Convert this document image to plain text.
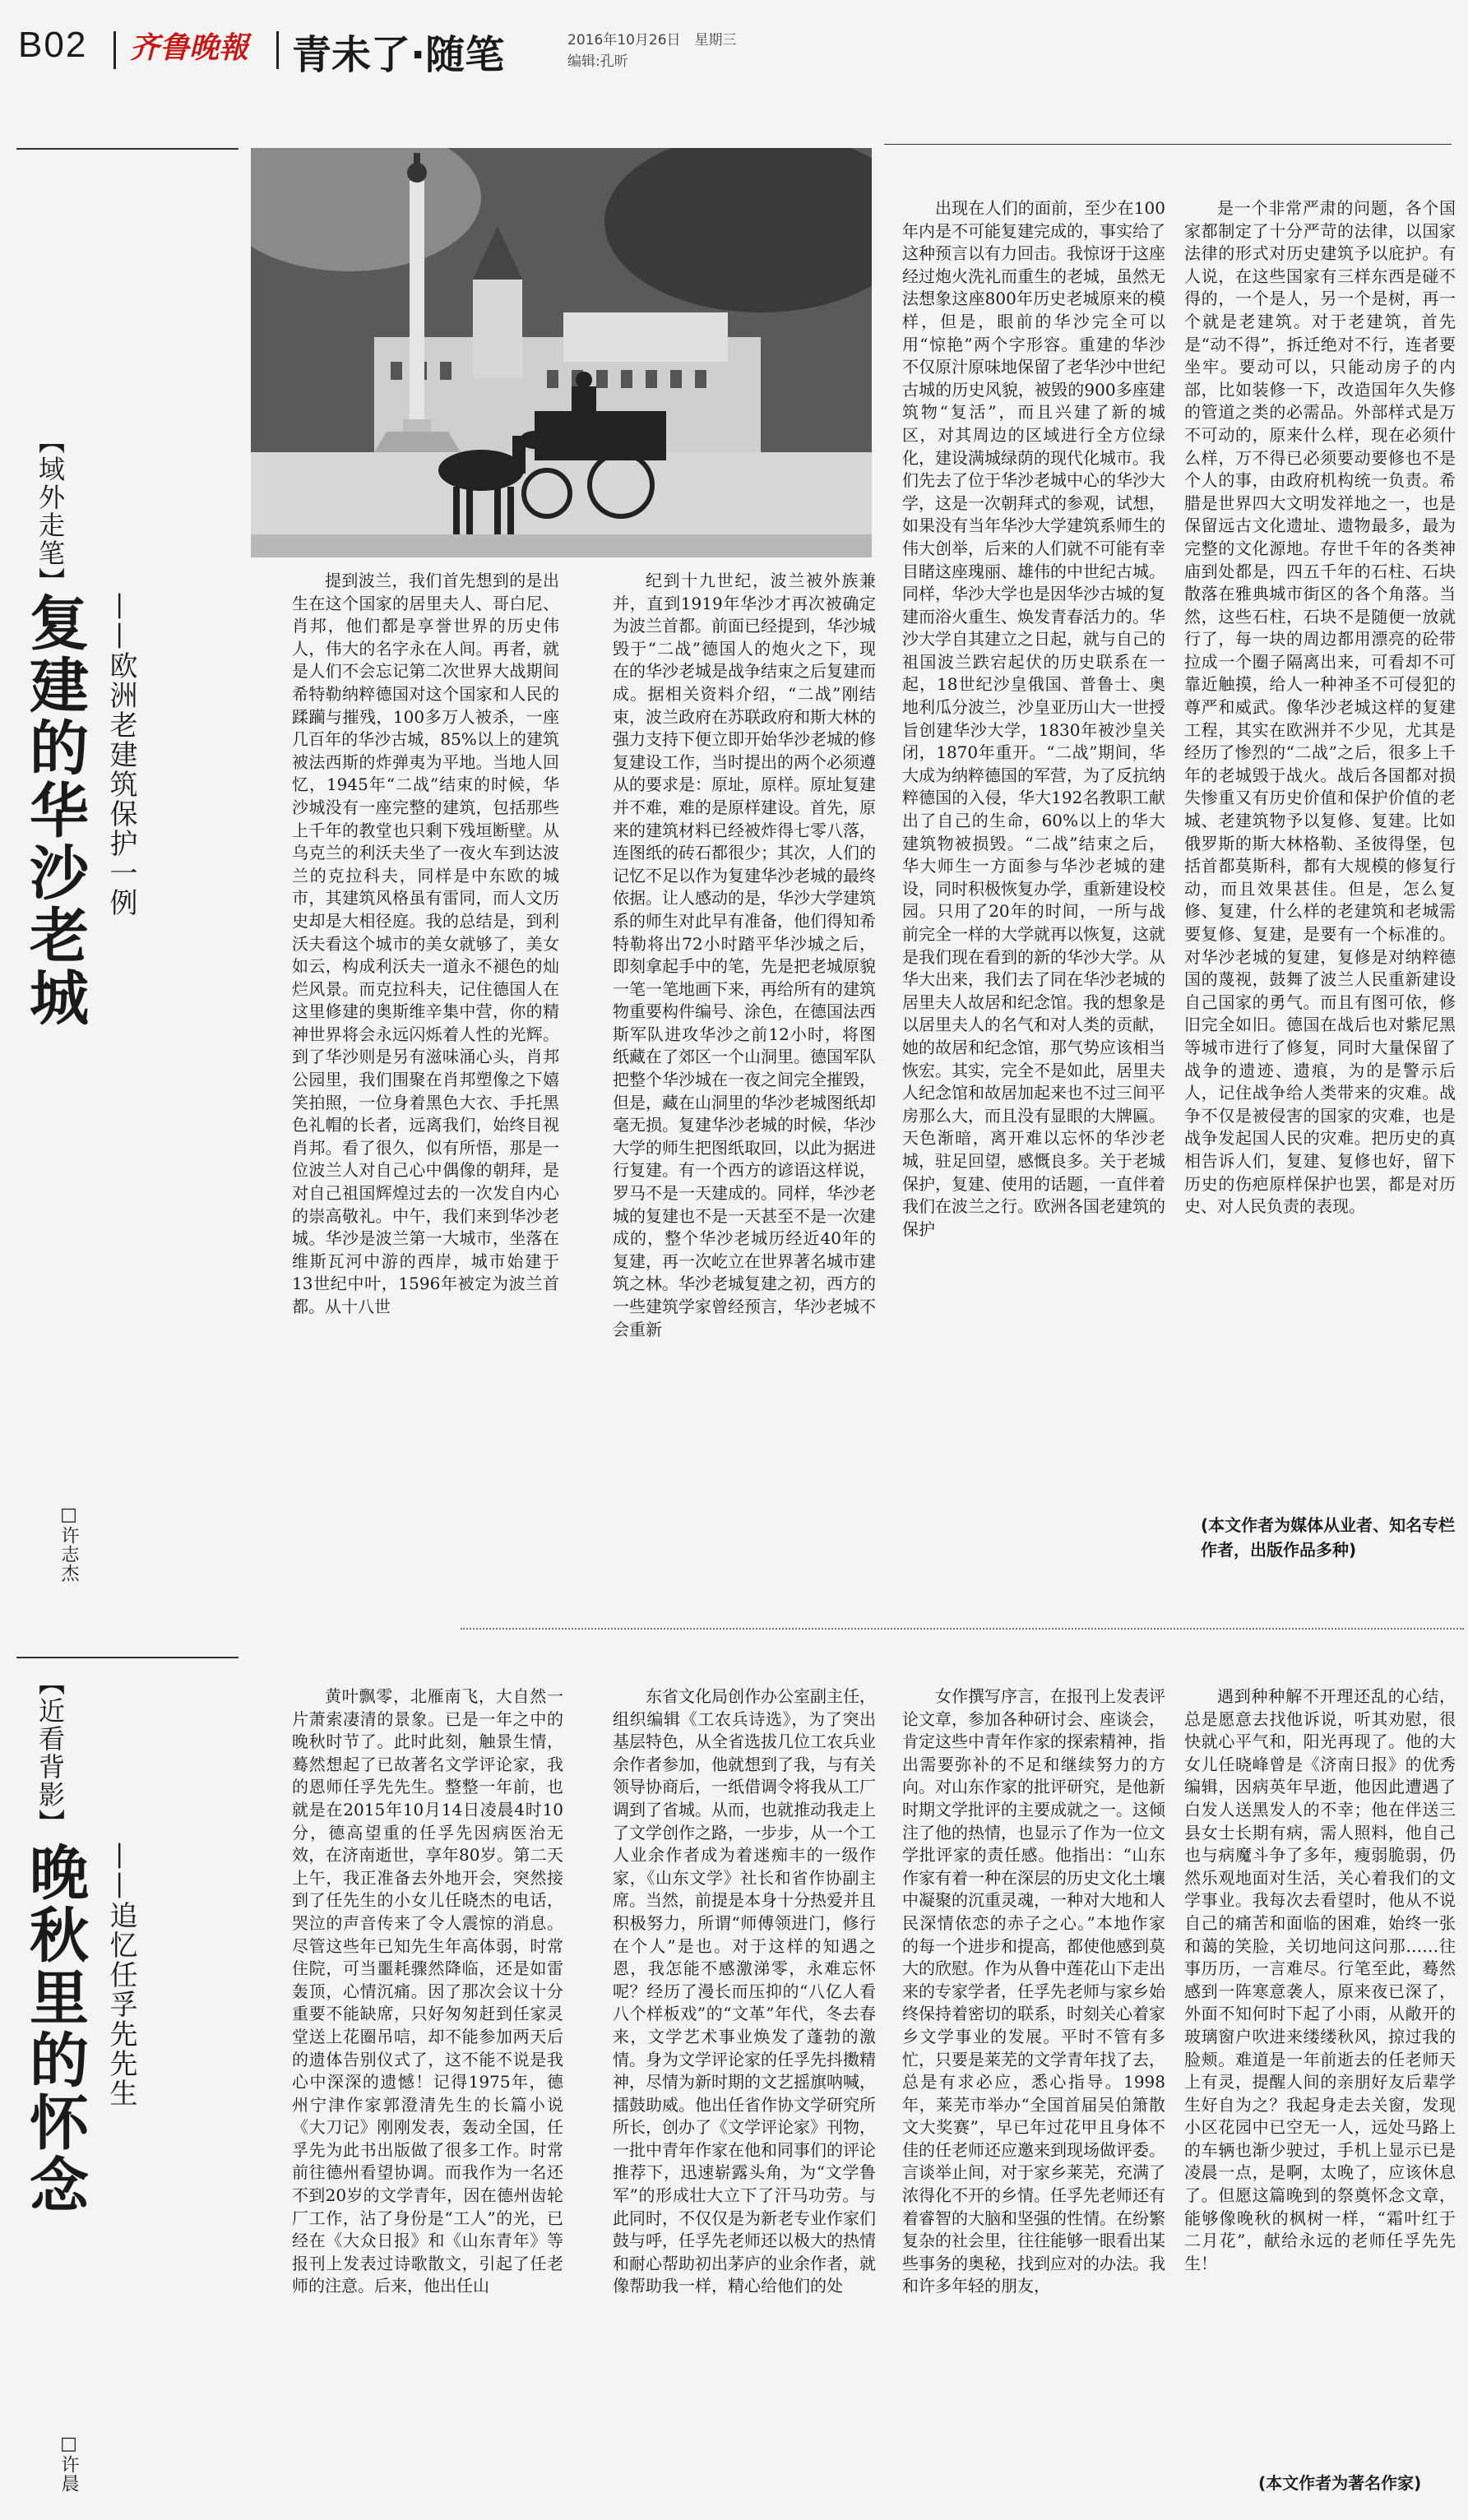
B02 齐鲁晚報 青未了·随笔	2016年10月26日　星期三
编辑:孔昕
【域外走笔】
复建的华沙老城 ——欧洲老建筑保护一例
□许志杰

提到波兰，我们首先想到的是出生在这个国家的居里夫人、哥白尼、肖邦，他们都是享誉世界的历史伟人，伟大的名字永在人间。再者，就是人们不会忘记第二次世界大战期间希特勒纳粹德国对这个国家和人民的蹂躏与摧残，100多万人被杀，一座几百年的华沙古城，85%以上的建筑被法西斯的炸弹夷为平地。当地人回忆，1945年“二战”结束的时候，华沙城没有一座完整的建筑，包括那些上千年的教堂也只剩下残垣断壁。从乌克兰的利沃夫坐了一夜火车到达波兰的克拉科夫，同样是中东欧的城市，其建筑风格虽有雷同，而人文历史却是大相径庭。我的总结是，到利沃夫看这个城市的美女就够了，美女如云，构成利沃夫一道永不褪色的灿烂风景。而克拉科夫，记住德国人在这里修建的奥斯维辛集中营，你的精神世界将会永远闪烁着人性的光辉。到了华沙则是另有滋味涌心头，肖邦公园里，我们围聚在肖邦塑像之下嬉笑拍照，一位身着黑色大衣、手托黑色礼帽的长者，远离我们，始终目视肖邦。看了很久，似有所悟，那是一位波兰人对自己心中偶像的朝拜，是对自己祖国辉煌过去的一次发自内心的崇高敬礼。中午，我们来到华沙老城。华沙是波兰第一大城市，坐落在维斯瓦河中游的西岸，城市始建于13世纪中叶，1596年被定为波兰首都。从十八世

纪到十九世纪，波兰被外族兼并，直到1919年华沙才再次被确定为波兰首都。前面已经提到，华沙城毁于“二战”德国人的炮火之下，现在的华沙老城是战争结束之后复建而成。据相关资料介绍，“二战”刚结束，波兰政府在苏联政府和斯大林的强力支持下便立即开始华沙老城的修复建设工作，当时提出的两个必须遵从的要求是：原址，原样。原址复建并不难，难的是原样建设。首先，原来的建筑材料已经被炸得七零八落，连图纸的砖石都很少；其次，人们的记忆不足以作为复建华沙老城的最终依据。让人感动的是，华沙大学建筑系的师生对此早有准备，他们得知希特勒将出72小时踏平华沙城之后，即刻拿起手中的笔，先是把老城原貌一笔一笔地画下来，再给所有的建筑物重要构件编号、涂色，在德国法西斯军队进攻华沙之前12小时，将图纸藏在了郊区一个山洞里。德国军队把整个华沙城在一夜之间完全摧毁，但是，藏在山洞里的华沙老城图纸却毫无损。复建华沙老城的时候，华沙大学的师生把图纸取回，以此为据进行复建。有一个西方的谚语这样说，罗马不是一天建成的。同样，华沙老城的复建也不是一天甚至不是一次建成的，整个华沙老城历经近40年的复建，再一次屹立在世界著名城市建筑之林。华沙老城复建之初，西方的一些建筑学家曾经预言，华沙老城不会重新

出现在人们的面前，至少在100年内是不可能复建完成的，事实给了这种预言以有力回击。我惊讶于这座经过炮火洗礼而重生的老城，虽然无法想象这座800年历史老城原来的模样，但是，眼前的华沙完全可以用“惊艳”两个字形容。重建的华沙不仅原汁原味地保留了老华沙中世纪古城的历史风貌，被毁的900多座建筑物“复活”，而且兴建了新的城区，对其周边的区域进行全方位绿化，建设满城绿荫的现代化城市。我们先去了位于华沙老城中心的华沙大学，这是一次朝拜式的参观，试想，如果没有当年华沙大学建筑系师生的伟大创举，后来的人们就不可能有幸目睹这座瑰丽、雄伟的中世纪古城。同样，华沙大学也是因华沙古城的复建而浴火重生、焕发青春活力的。华沙大学自其建立之日起，就与自己的祖国波兰跌宕起伏的历史联系在一起，18世纪沙皇俄国、普鲁士、奥地利瓜分波兰，沙皇亚历山大一世授旨创建华沙大学，1830年被沙皇关闭，1870年重开。“二战”期间，华大成为纳粹德国的军营，为了反抗纳粹德国的入侵，华大192名教职工献出了自己的生命，60%以上的华大建筑物被损毁。“二战”结束之后，华大师生一方面参与华沙老城的建设，同时积极恢复办学，重新建设校园。只用了20年的时间，一所与战前完全一样的大学就再以恢复，这就是我们现在看到的新的华沙大学。从华大出来，我们去了同在华沙老城的居里夫人故居和纪念馆。我的想象是以居里夫人的名气和对人类的贡献，她的故居和纪念馆，那气势应该相当恢宏。其实，完全不是如此，居里夫人纪念馆和故居加起来也不过三间平房那么大，而且没有显眼的大牌匾。天色渐暗，离开难以忘怀的华沙老城，驻足回望，感慨良多。关于老城保护，复建、使用的话题，一直伴着我们在波兰之行。欧洲各国老建筑的保护

是一个非常严肃的问题，各个国家都制定了十分严苛的法律，以国家法律的形式对历史建筑予以庇护。有人说，在这些国家有三样东西是碰不得的，一个是人，另一个是树，再一个就是老建筑。对于老建筑，首先是“动不得”，拆迁绝对不行，连者要坐牢。要动可以，只能动房子的内部，比如装修一下，改造国年久失修的管道之类的必需品。外部样式是万不可动的，原来什么样，现在必须什么样，万不得已必须要动要修也不是个人的事，由政府机构统一负责。希腊是世界四大文明发祥地之一，也是保留远古文化遗址、遗物最多，最为完整的文化源地。存世千年的各类神庙到处都是，四五千年的石柱、石块散落在雅典城市街区的各个角落。当然，这些石柱，石块不是随便一放就行了，每一块的周边都用漂亮的砼带拉成一个圈子隔离出来，可看却不可靠近触摸，给人一种神圣不可侵犯的尊严和威武。像华沙老城这样的复建工程，其实在欧洲并不少见，尤其是经历了惨烈的“二战”之后，很多上千年的老城毁于战火。战后各国都对损失惨重又有历史价值和保护价值的老城、老建筑物予以复修、复建。比如俄罗斯的斯大林格勒、圣彼得堡，包括首都莫斯科，都有大规模的修复行动，而且效果甚佳。但是，怎么复修、复建，什么样的老建筑和老城需要复修、复建，是要有一个标准的。对华沙老城的复建，复修是对纳粹德国的蔑视，鼓舞了波兰人民重新建设自己国家的勇气。而且有图可依，修旧完全如旧。德国在战后也对紫尼黑等城市进行了修复，同时大量保留了战争的遗迹、遗痕，为的是警示后人，记住战争给人类带来的灾难。战争不仅是被侵害的国家的灾难，也是战争发起国人民的灾难。把历史的真相告诉人们，复建、复修也好，留下历史的伤疤原样保护也罢，都是对历史、对人民负责的表现。

(本文作者为媒体从业者、知名专栏作者，出版作品多种)
【近看背影】
晚秋里的怀念 ——追忆任孚先先生
□许晨

黄叶飘零，北雁南飞，大自然一片萧索凄清的景象。已是一年之中的晚秋时节了。此时此刻，触景生情，蓦然想起了已故著名文学评论家，我的恩师任孚先先生。整整一年前，也就是在2015年10月14日凌晨4时10分，德高望重的任孚先因病医治无效，在济南逝世，享年80岁。第二天上午，我正准备去外地开会，突然接到了任先生的小女儿任晓杰的电话，哭泣的声音传来了令人震惊的消息。尽管这些年已知先生年高体弱，时常住院，可当噩耗骤然降临，还是如雷轰顶，心情沉痛。因了那次会议十分重要不能缺席，只好匆匆赶到任家灵堂送上花圈吊唁，却不能参加两天后的遗体告别仪式了，这不能不说是我心中深深的遗憾！记得1975年，德州宁津作家郭澄清先生的长篇小说《大刀记》刚刚发表，轰动全国，任孚先为此书出版做了很多工作。时常前往德州看望协调。而我作为一名还不到20岁的文学青年，因在德州齿轮厂工作，沾了身份是“工人”的光，已经在《大众日报》和《山东青年》等报刊上发表过诗歌散文，引起了任老师的注意。后来，他出任山

东省文化局创作办公室副主任，组织编辑《工农兵诗选》，为了突出基层特色，从全省选拔几位工农兵业余作者参加，他就想到了我，与有关领导协商后，一纸借调令将我从工厂调到了省城。从而，也就推动我走上了文学创作之路，一步步，从一个工人业余作者成为着迷痴丰的一级作家，《山东文学》社长和省作协副主席。当然，前提是本身十分热爱并且积极努力，所谓“师傅领进门，修行在个人”是也。对于这样的知遇之恩，我怎能不感激涕零，永难忘怀呢？经历了漫长而压抑的“八亿人看八个样板戏”的“文革”年代，冬去春来，文学艺术事业焕发了蓬勃的激情。身为文学评论家的任孚先抖擞精神，尽情为新时期的文艺摇旗呐喊，擂鼓助威。他出任省作协文学研究所所长，创办了《文学评论家》刊物，一批中青年作家在他和同事们的评论推荐下，迅速崭露头角，为“文学鲁军”的形成壮大立下了汗马功劳。与此同时，不仅仅是为新老专业作家们鼓与呼，任孚先老师还以极大的热情和耐心帮助初出茅庐的业余作者，就像帮助我一样，精心给他们的处

女作撰写序言，在报刊上发表评论文章，参加各种研讨会、座谈会，肯定这些中青年作家的探索精神，指出需要弥补的不足和继续努力的方向。对山东作家的批评研究，是他新时期文学批评的主要成就之一。这倾注了他的热情，也显示了作为一位文学批评家的责任感。他指出：“山东作家有着一种在深层的历史文化土壤中凝聚的沉重灵魂，一种对大地和人民深情依恋的赤子之心。”本地作家的每一个进步和提高，都使他感到莫大的欣慰。作为从鲁中莲花山下走出来的专家学者，任孚先老师与家乡始终保持着密切的联系，时刻关心着家乡文学事业的发展。平时不管有多忙，只要是莱芜的文学青年找了去，总是有求必应，悉心指导。1998年，莱芜市举办“全国首届吴伯箫散文大奖赛”，早已年过花甲且身体不佳的任老师还应邀来到现场做评委。言谈举止间，对于家乡莱芜，充满了浓得化不开的乡情。任孚先老师还有着睿智的大脑和坚强的性情。在纷繁复杂的社会里，往往能够一眼看出某些事务的奥秘，找到应对的办法。我和许多年轻的朋友，

遇到种种解不开理还乱的心结，总是愿意去找他诉说，听其劝慰，很快就心平气和，阳光再现了。他的大女儿任晓峰曾是《济南日报》的优秀编辑，因病英年早逝，他因此遭遇了白发人送黑发人的不幸；他在伴送三县女士长期有病，需人照料，他自己也与病魔斗争了多年，瘦弱脆弱，仍然乐观地面对生活，关心着我们的文学事业。我每次去看望时，他从不说自己的痛苦和面临的困难，始终一张和蔼的笑脸，关切地问这问那……往事历历，一言难尽。行笔至此，蓦然感到一阵寒意袭人，原来夜已深了，外面不知何时下起了小雨，从敞开的玻璃窗户吹进来缕缕秋风，掠过我的脸颊。难道是一年前逝去的任老师天上有灵，提醒人间的亲朋好友后辈学生好自为之？我起身走去关窗，发现小区花园中已空无一人，远处马路上的车辆也渐少驶过，手机上显示已是凌晨一点，是啊，太晚了，应该休息了。但愿这篇晚到的祭奠怀念文章，能够像晚秋的枫树一样，“霜叶红于二月花”，献给永远的老师任孚先先生！

(本文作者为著名作家)
